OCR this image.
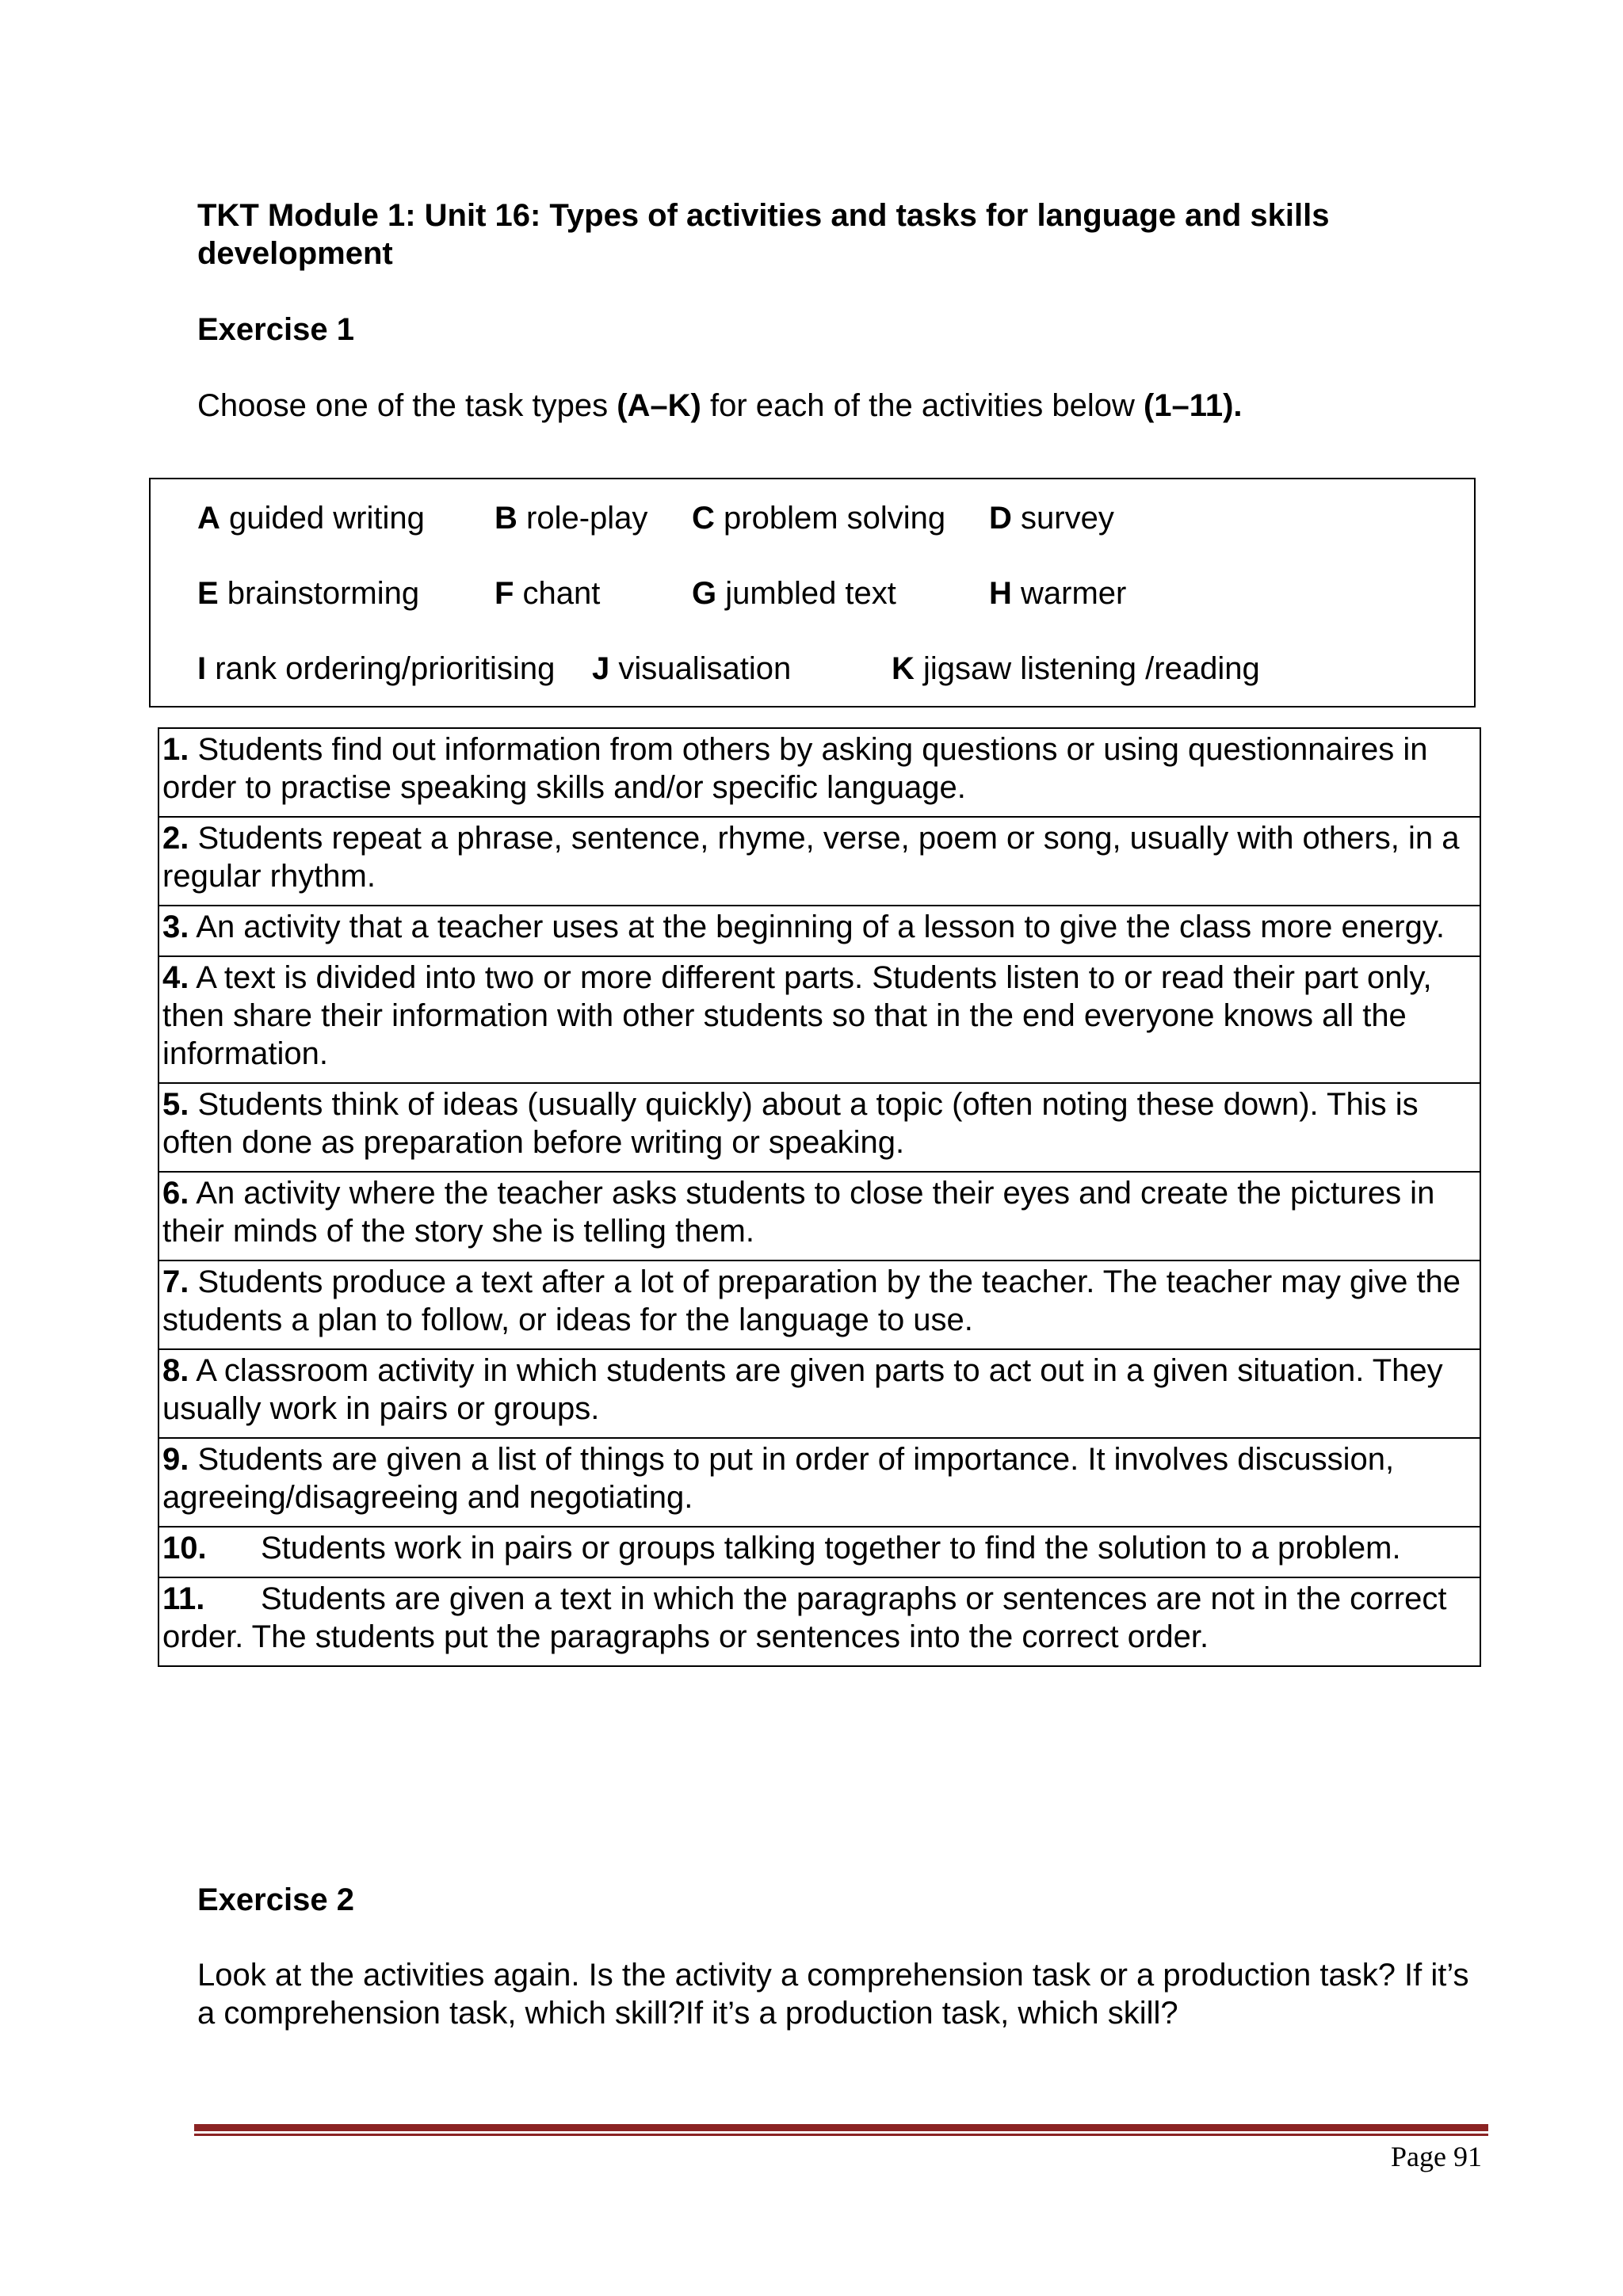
TKT Module 1: Unit 16: Types of activities and tasks for language and skills development
Exercise 1

Choose one of the task types (A–K) for each of the activities below (1–11).

A guided writing B role-play C problem solving D survey
E brainstorming F chant	G jumbled text	H warmer
I rank ordering/prioritising J visualisation	K jigsaw listening /reading
1. Students find out information from others by asking questions or using questionnaires in order to practise speaking skills and/or specific language.
2. Students repeat a phrase, sentence, rhyme, verse, poem or song, usually with others, in a regular rhythm.
3. An activity that a teacher uses at the beginning of a lesson to give the class more energy.
4. A text is divided into two or more different parts. Students listen to or read their part only, then share their information with other students so that in the end everyone knows all the information.
5. Students think of ideas (usually quickly) about a topic (often noting these down). This is often done as preparation before writing or speaking.
6. An activity where the teacher asks students to close their eyes and create the pictures in their minds of the story she is telling them.
7. Students produce a text after a lot of preparation by the teacher. The teacher may give the students a plan to follow, or ideas for the language to use.
8. A classroom activity in which students are given parts to act out in a given situation. They usually work in pairs or groups.
9. Students are given a list of things to put in order of importance. It involves discussion, agreeing/disagreeing and negotiating.
10. Students work in pairs or groups talking together to find the solution to a problem.
11. Students are given a text in which the paragraphs or sentences are not in the correct order. The students put the paragraphs or sentences into the correct order.
Exercise 2

Look at the activities again. Is the activity a comprehension task or a production task? If it’s a comprehension task, which skill?If it’s a production task, which skill?

Page 91
